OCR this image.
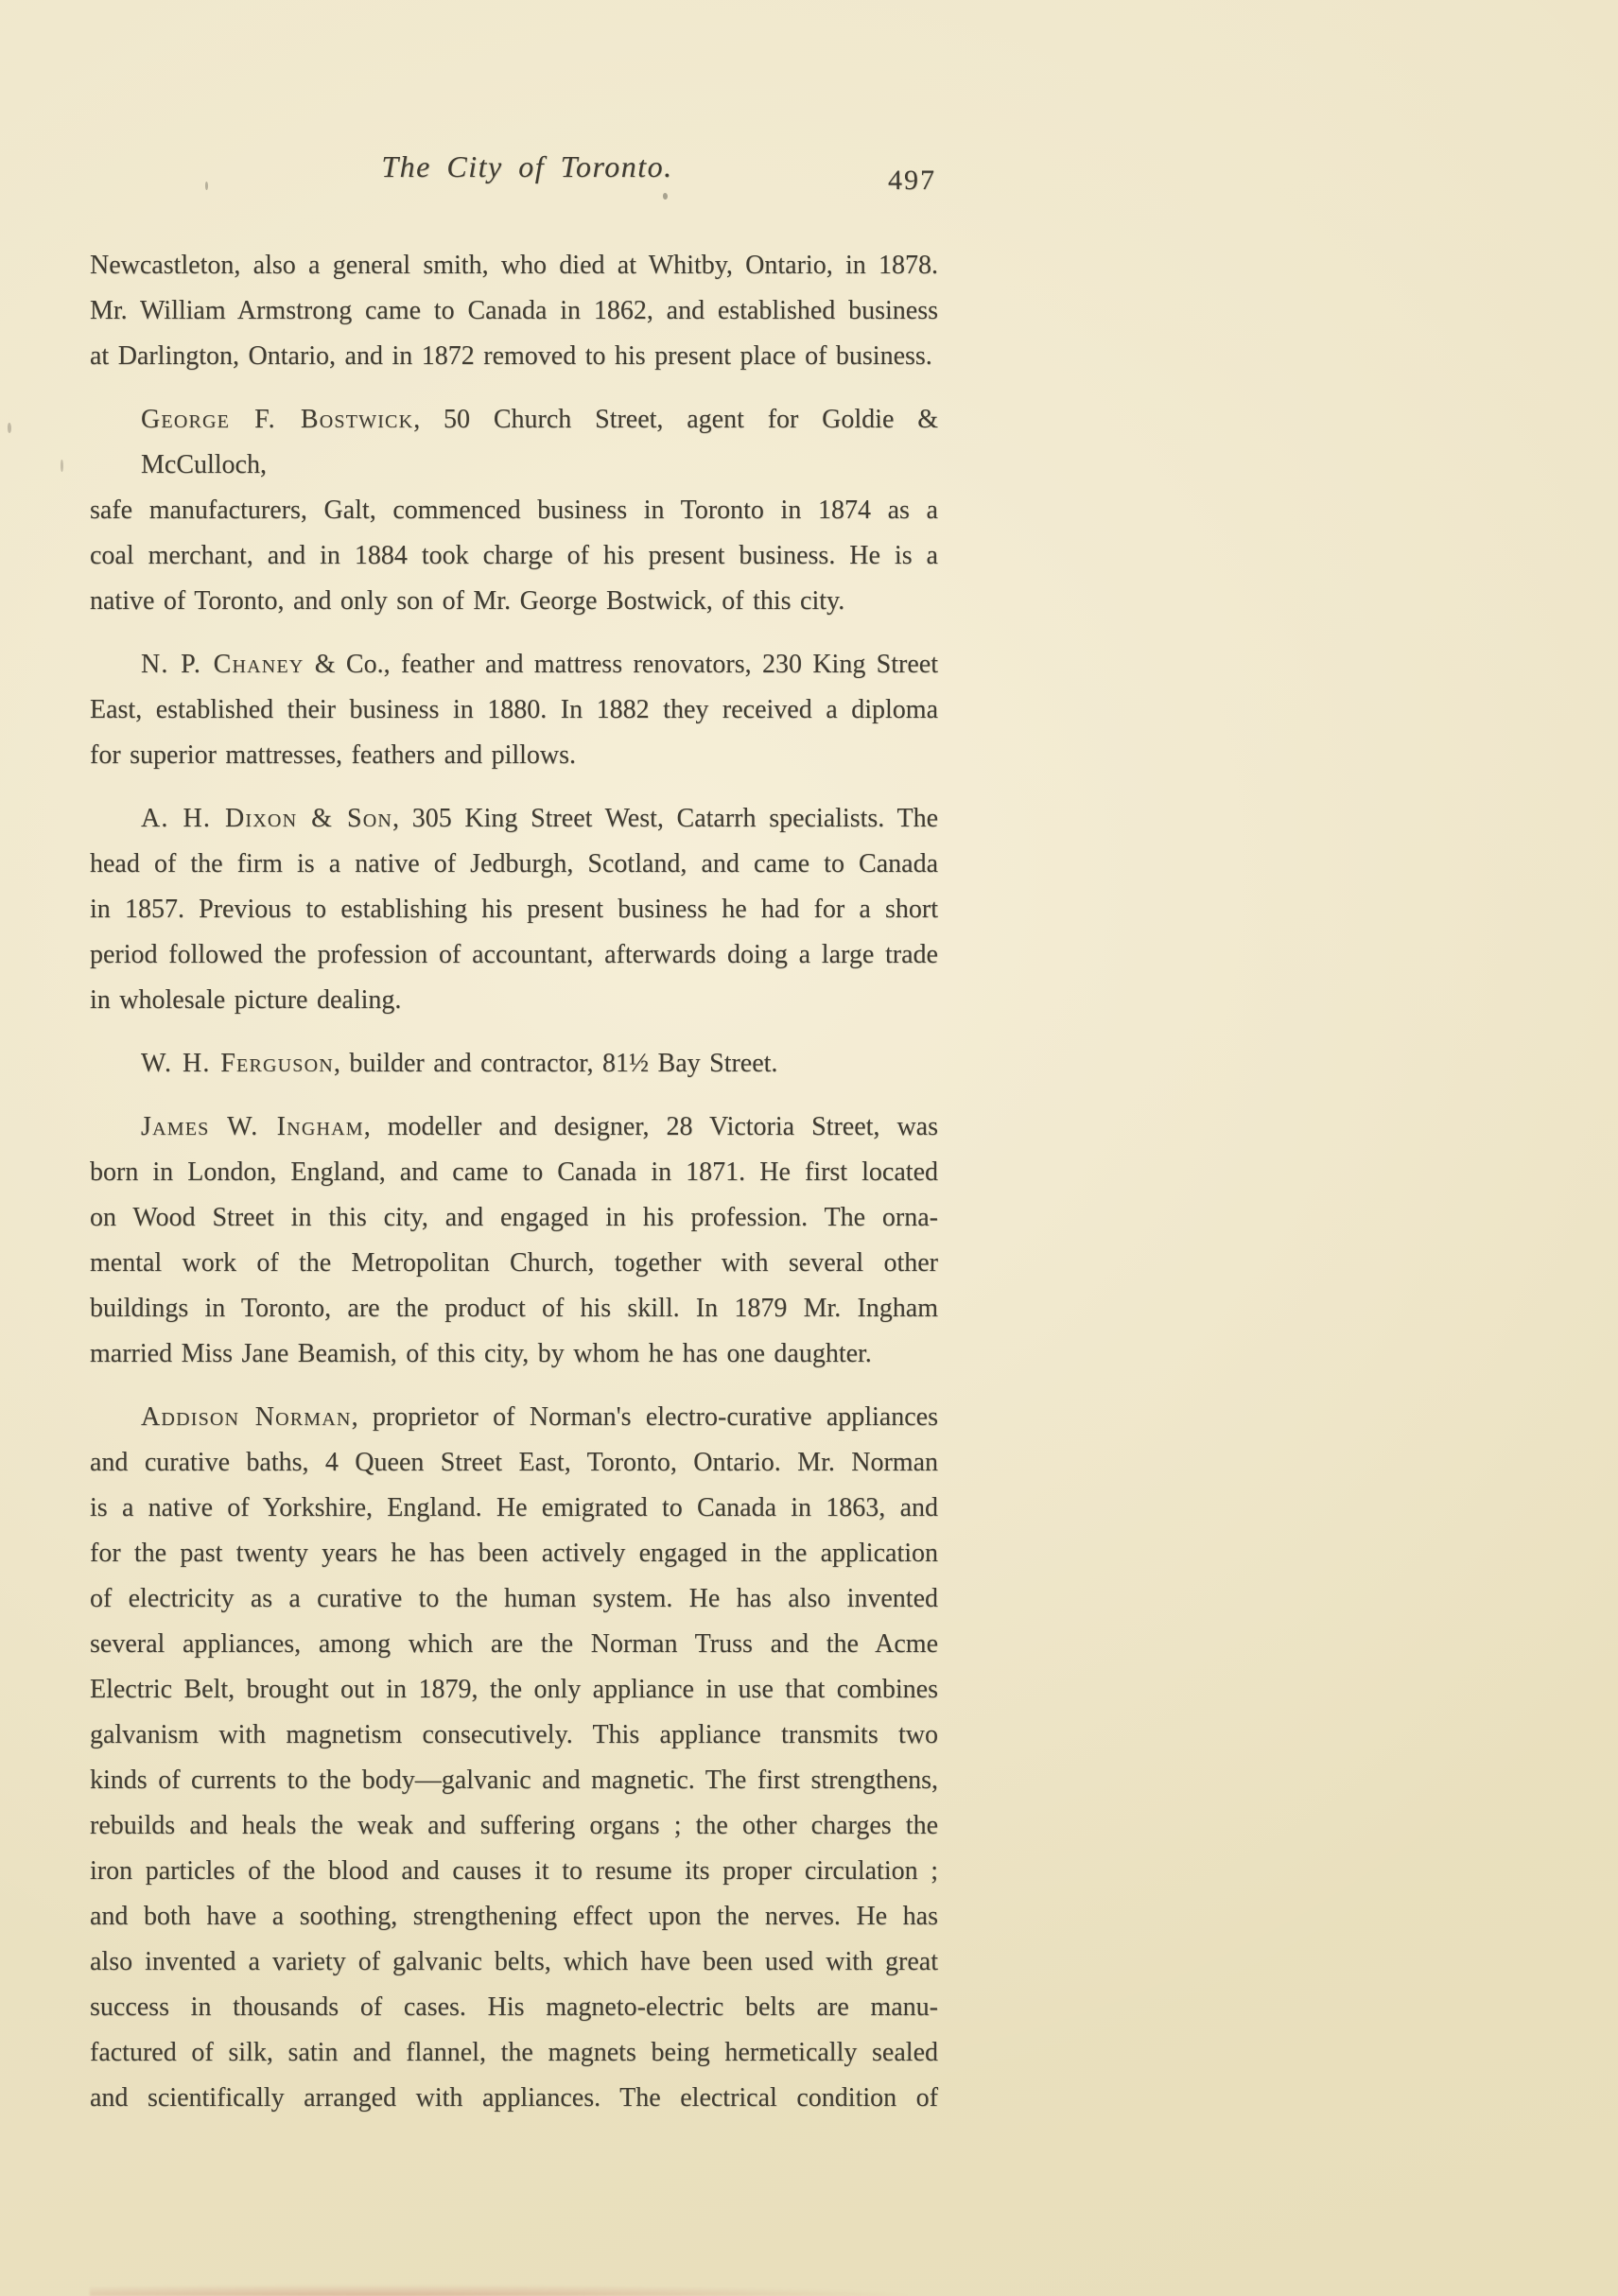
The City of Toronto.	497
Newcastleton, also a general smith, who died at Whitby, Ontario, in 1878.
Mr. William Armstrong came to Canada in 1862, and established business
at Darlington, Ontario, and in 1872 removed to his present place of business.
George F. Bostwick, 50 Church Street, agent for Goldie & McCulloch,
safe manufacturers, Galt, commenced business in Toronto in 1874 as a
coal merchant, and in 1884 took charge of his present business. He is a
native of Toronto, and only son of Mr. George Bostwick, of this city.
N. P. Chaney & Co., feather and mattress renovators, 230 King Street
East, established their business in 1880. In 1882 they received a diploma
for superior mattresses, feathers and pillows.
A. H. Dixon & Son, 305 King Street West, Catarrh specialists. The
head of the firm is a native of Jedburgh, Scotland, and came to Canada
in 1857. Previous to establishing his present business he had for a short
period followed the profession of accountant, afterwards doing a large trade
in wholesale picture dealing.
W. H. Ferguson, builder and contractor, 81½ Bay Street.
James W. Ingham, modeller and designer, 28 Victoria Street, was
born in London, England, and came to Canada in 1871. He first located
on Wood Street in this city, and engaged in his profession. The orna-
mental work of the Metropolitan Church, together with several other
buildings in Toronto, are the product of his skill. In 1879 Mr. Ingham
married Miss Jane Beamish, of this city, by whom he has one daughter.
Addison Norman, proprietor of Norman's electro-curative appliances
and curative baths, 4 Queen Street East, Toronto, Ontario. Mr. Norman
is a native of Yorkshire, England. He emigrated to Canada in 1863, and
for the past twenty years he has been actively engaged in the application
of electricity as a curative to the human system. He has also invented
several appliances, among which are the Norman Truss and the Acme
Electric Belt, brought out in 1879, the only appliance in use that combines
galvanism with magnetism consecutively. This appliance transmits two
kinds of currents to the body—galvanic and magnetic. The first strengthens,
rebuilds and heals the weak and suffering organs ; the other charges the
iron particles of the blood and causes it to resume its proper circulation ;
and both have a soothing, strengthening effect upon the nerves. He has
also invented a variety of galvanic belts, which have been used with great
success in thousands of cases. His magneto-electric belts are manu-
factured of silk, satin and flannel, the magnets being hermetically sealed
and scientifically arranged with appliances. The electrical condition of
